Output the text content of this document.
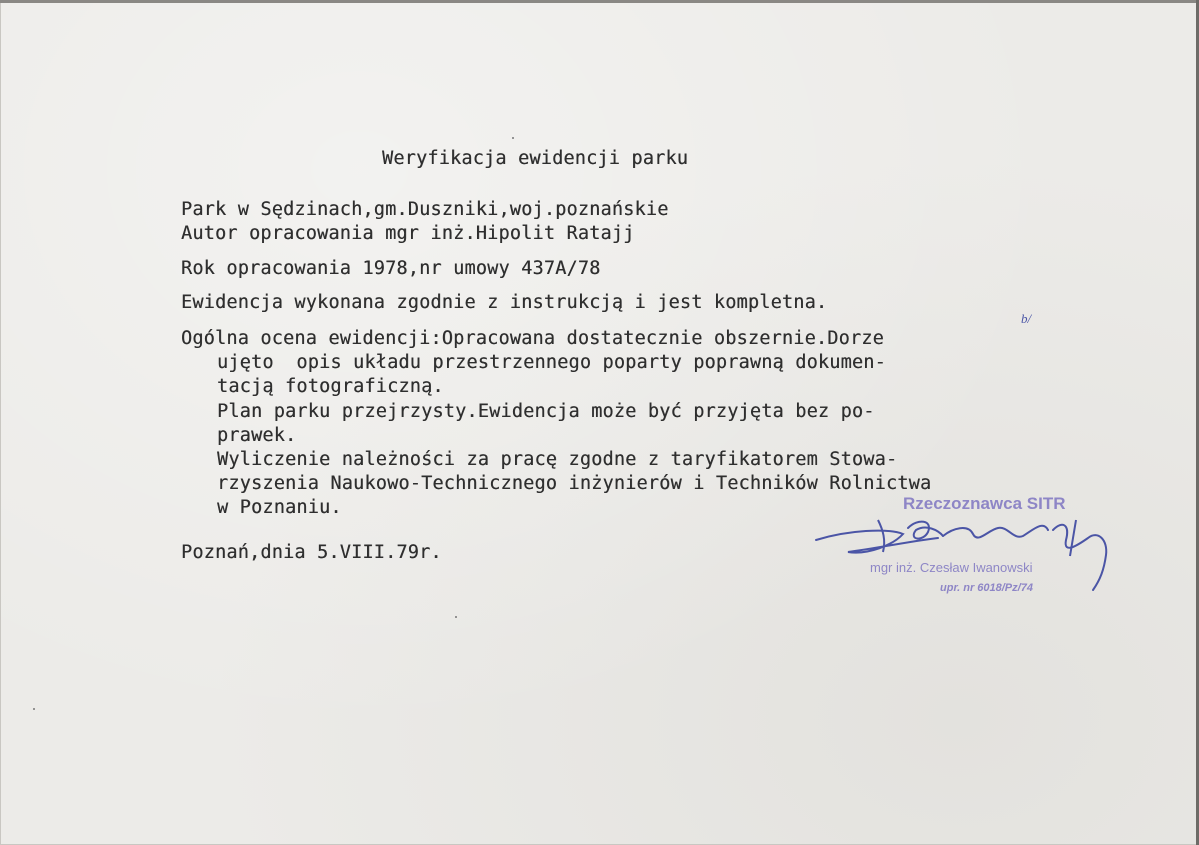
Weryfikacja ewidencji parku
Park w Sędzinach,gm.Duszniki,woj.poznańskie
Autor opracowania mgr inż.Hipolit Ratajj
Rok opracowania 1978,nr umowy 437A/78
Ewidencja wykonana zgodnie z instrukcją i jest kompletna.
Ogólna ocena ewidencji:Opracowana dostatecznie obszernie.Dorze
ujęto  opis układu przestrzennego poparty poprawną dokumen-
tacją fotograficzną.
Plan parku przejrzysty.Ewidencja może być przyjęta bez po-
prawek.
Wyliczenie należności za pracę zgodne z taryfikatorem Stowa-
rzyszenia Naukowo-Technicznego inżynierów i Techników Rolnictwa
w Poznaniu.
b/
Poznań,dnia 5.VIII.79r.
Rzeczoznawca SITR
mgr inż. Czesław Iwanowski
upr. nr 6018/Pz/74
